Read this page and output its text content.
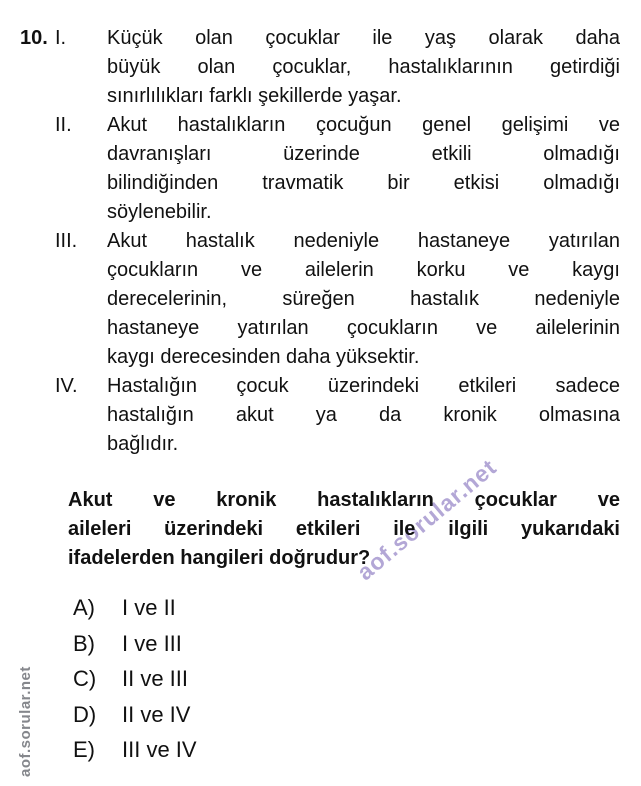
aof.sorular.net
aof.sorular.net
10. I.	Küçük olan çocuklar ile yaş olarak daha
büyük olan çocuklar, hastalıklarının getirdiği
sınırlılıkları farklı şekillerde yaşar.
II.	Akut hastalıkların çocuğun genel gelişimi ve
davranışları üzerinde etkili olmadığı
bilindiğinden travmatik bir etkisi olmadığı
söylenebilir.
III.	Akut hastalık nedeniyle hastaneye yatırılan
çocukların ve ailelerin korku ve kaygı
derecelerinin, süreğen hastalık nedeniyle
hastaneye yatırılan çocukların ve ailelerinin
kaygı derecesinden daha yüksektir.
IV.	Hastalığın çocuk üzerindeki etkileri sadece
hastalığın akut ya da kronik olmasına
bağlıdır.
Akut ve kronik hastalıkların çocuklar ve
aileleri üzerindeki etkileri ile ilgili yukarıdaki
ifadelerden hangileri doğrudur?
A)	I ve II
B)	I ve III
C)	II ve III
D)	II ve IV
E)	III ve IV
